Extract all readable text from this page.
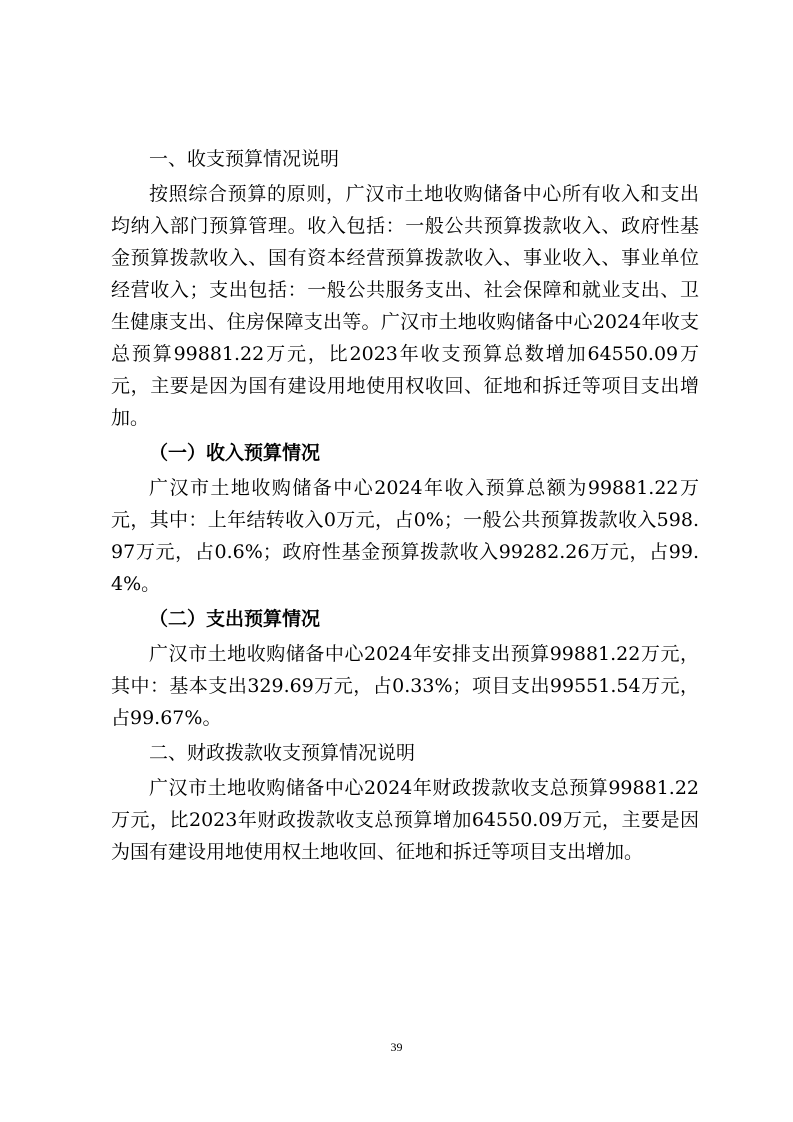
一、收支预算情况说明

按照综合预算的原则，广汉市土地收购储备中心所有收入和支出均纳入部门预算管理。收入包括：一般公共预算拨款收入、政府性基金预算拨款收入、国有资本经营预算拨款收入、事业收入、事业单位经营收入；支出包括：一般公共服务支出、社会保障和就业支出、卫生健康支出、住房保障支出等。广汉市土地收购储备中心2024年收支总预算99881.22万元，比2023年收支预算总数增加64550.09万元，主要是因为国有建设用地使用权收回、征地和拆迁等项目支出增加。

（一）收入预算情况

广汉市土地收购储备中心2024年收入预算总额为99881.22万元，其中：上年结转收入0万元，占0%；一般公共预算拨款收入598.97万元，占0.6%；政府性基金预算拨款收入99282.26万元，占99.4%。

（二）支出预算情况

广汉市土地收购储备中心2024年安排支出预算99881.22万元，其中：基本支出329.69万元，占0.33%；项目支出99551.54万元，占99.67%。

二、财政拨款收支预算情况说明

广汉市土地收购储备中心2024年财政拨款收支总预算99881.22万元，比2023年财政拨款收支总预算增加64550.09万元，主要是因为国有建设用地使用权土地收回、征地和拆迁等项目支出增加。

39
